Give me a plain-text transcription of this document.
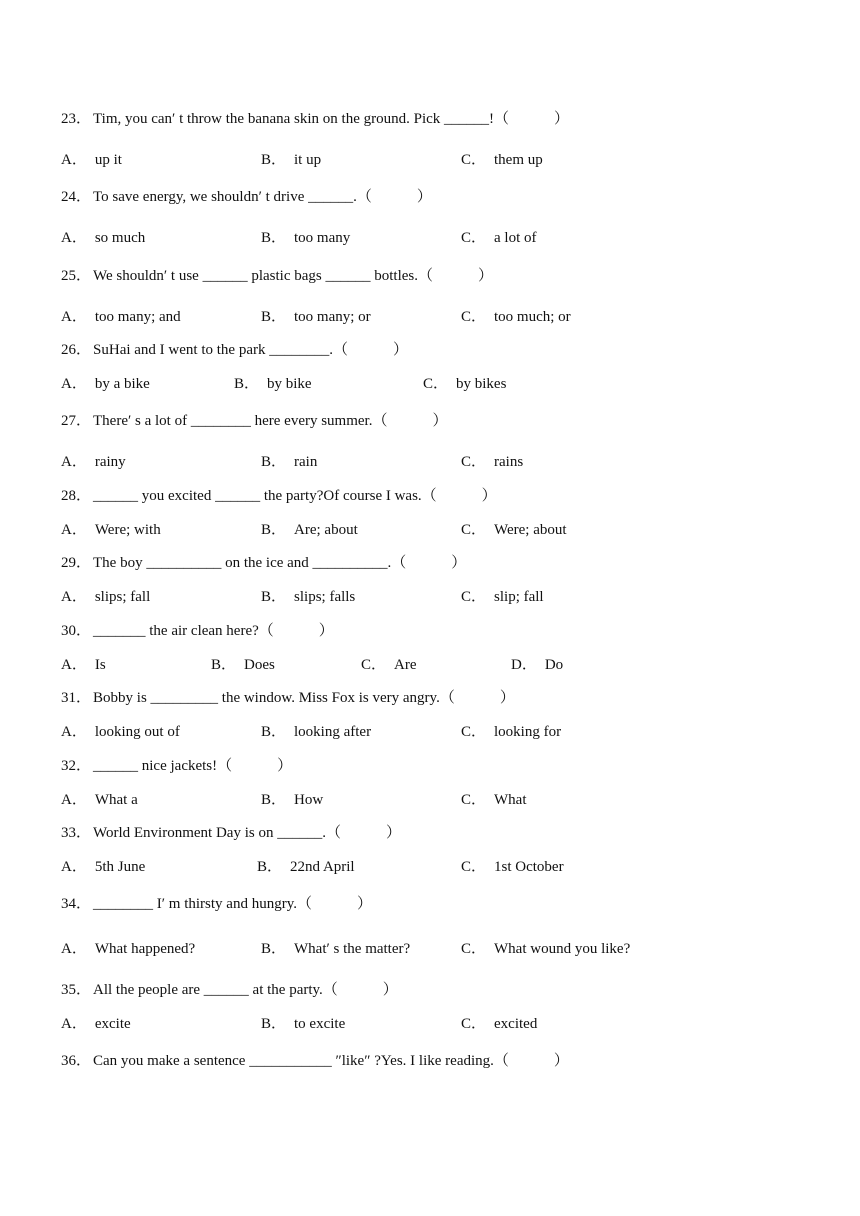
23． Tim, you can′ t throw the banana skin on the ground. Pick ______!（　　　）
A． up it	B． it up	C． them up
24． To save energy, we shouldn′ t drive ______.（　　　）
A． so much	B． too many	C． a lot of
25． We shouldn′ t use ______ plastic bags ______ bottles.（　　　）
A． too many; and	B． too many; or	C． too much; or
26． SuHai and I went to the park ________.（　　　）
A． by a bike	B． by bike	C． by bikes
27． There′ s a lot of ________ here every summer.（　　　）
A． rainy	B． rain	C． rains
28． ______ you excited ______ the party?Of course I was.（　　　）
A． Were; with	B． Are; about	C． Were; about
29． The boy __________ on the ice and __________.（　　　）
A． slips; fall	B． slips; falls	C． slip; fall
30． _______ the air clean here?（　　　）
A． Is	B． Does	C． Are	D． Do
31． Bobby is _________ the window. Miss Fox is very angry.（　　　）
A． looking out of	B． looking after	C． looking for
32． ______ nice jackets!（　　　）
A． What a	B． How	C． What
33． World Environment Day is on ______.（　　　）
A． 5th June	B． 22nd April	C． 1st October
34． ________ I′ m thirsty and hungry.（　　　）
A． What happened?	B． What′ s the matter?	C． What wound you like?
35． All the people are ______ at the party.（　　　）
A． excite	B． to excite	C． excited
36． Can you make a sentence ___________ ″like″ ?Yes. I like reading.（　　　）
